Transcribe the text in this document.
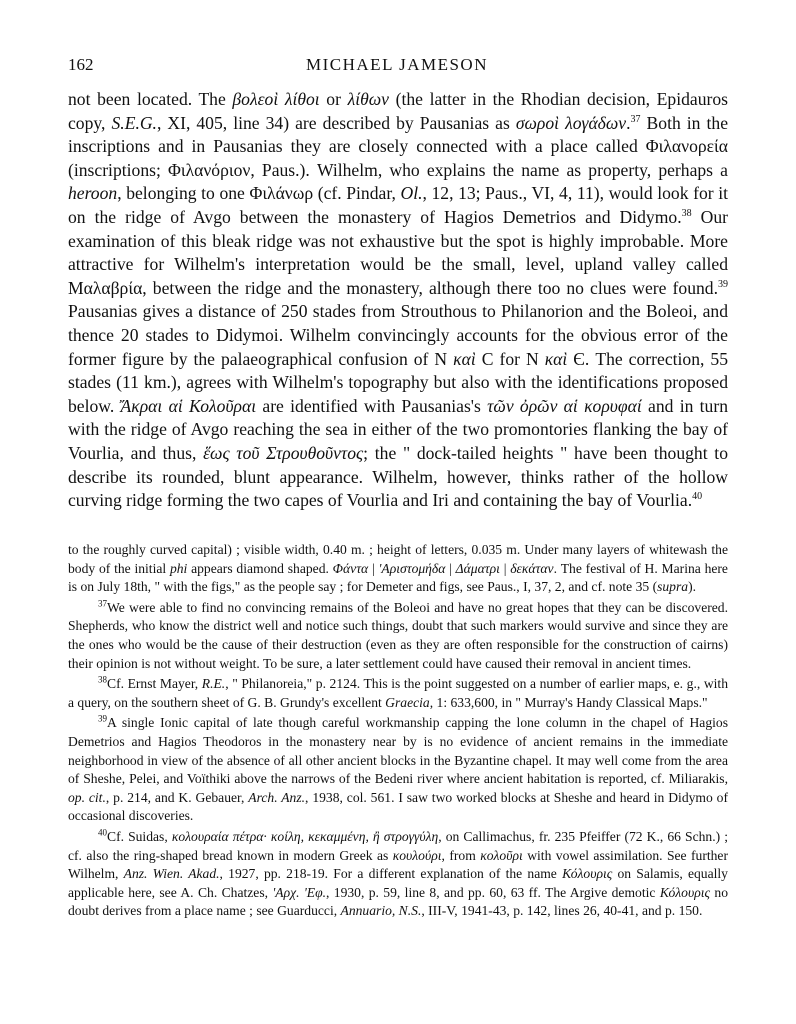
162	MICHAEL JAMESON

not been located. The βολεοὶ λίθοι or λίθων (the latter in the Rhodian decision, Epidauros copy, S.E.G., XI, 405, line 34) are described by Pausanias as σωροὶ λογάδων.$^{37}$ Both in the inscriptions and in Pausanias they are closely connected with a place called Φιλανορεία (inscriptions; Φιλανόριον, Paus.). Wilhelm, who explains the name as property, perhaps a heroon, belonging to one Φιλάνωρ (cf. Pindar, Ol., 12, 13; Paus., VI, 4, 11), would look for it on the ridge of Avgo between the monastery of Hagios Demetrios and Didymo.$^{38}$ Our examination of this bleak ridge was not exhaustive but the spot is highly improbable. More attractive for Wilhelm's interpretation would be the small, level, upland valley called Μαλαβρία, between the ridge and the monastery, although there too no clues were found.$^{39}$ Pausanias gives a distance of 250 stades from Strouthous to Philanorion and the Boleoi, and thence 20 stades to Didymoi. Wilhelm convincingly accounts for the obvious error of the former figure by the palaeographical confusion of Ν καὶ C for Ν καὶ Є. The correction, 55 stades (11 km.), agrees with Wilhelm's topography but also with the identifications proposed below. Ἄκραι αἱ Κολοῦραι are identified with Pausanias's τῶν ὀρῶν αἱ κορυφαί and in turn with the ridge of Avgo reaching the sea in either of the two promontories flanking the bay of Vourlia, and thus, ἕως τοῦ Στρουθοῦντος; the " dock-tailed heights " have been thought to describe its rounded, blunt appearance. Wilhelm, however, thinks rather of the hollow curving ridge forming the two capes of Vourlia and Iri and containing the bay of Vourlia.$^{40}$

to the roughly curved capital) ; visible width, 0.40 m. ; height of letters, 0.035 m. Under many layers of whitewash the body of the initial phi appears diamond shaped. Φάντα | 'Αριστομήδα | Δάματρι | δεκάταν. The festival of H. Marina here is on July 18th, " with the figs," as the people say ; for Demeter and figs, see Paus., I, 37, 2, and cf. note 35 (supra).

$^{37}$We were able to find no convincing remains of the Boleoi and have no great hopes that they can be discovered. Shepherds, who know the district well and notice such things, doubt that such markers would survive and since they are the ones who would be the cause of their destruction (even as they are often responsible for the construction of cairns) their opinion is not without weight. To be sure, a later settlement could have caused their removal in ancient times.

$^{38}$Cf. Ernst Mayer, R.E., " Philanoreia," p. 2124. This is the point suggested on a number of earlier maps, e. g., with a query, on the southern sheet of G. B. Grundy's excellent Graecia, 1: 633,600, in " Murray's Handy Classical Maps."

$^{39}$A single Ionic capital of late though careful workmanship capping the lone column in the chapel of Hagios Demetrios and Hagios Theodoros in the monastery near by is no evidence of ancient remains in the immediate neighborhood in view of the absence of all other ancient blocks in the Byzantine chapel. It may well come from the area of Sheshe, Pelei, and Voïthiki above the narrows of the Bedeni river where ancient habitation is reported, cf. Miliarakis, op. cit., p. 214, and K. Gebauer, Arch. Anz., 1938, col. 561. I saw two worked blocks at Sheshe and heard in Didymo of occasional discoveries.

$^{40}$Cf. Suidas, κολουραία πέτρα· κοίλη, κεκαμμένη, ἢ στρογγύλη, on Callimachus, fr. 235 Pfeiffer (72 K., 66 Schn.) ; cf. also the ring-shaped bread known in modern Greek as κουλούρι, from κολοῦρι with vowel assimilation. See further Wilhelm, Anz. Wien. Akad., 1927, pp. 218-19. For a different explanation of the name Κόλουρις on Salamis, equally applicable here, see A. Ch. Chatzes, 'Αρχ. 'Εφ., 1930, p. 59, line 8, and pp. 60, 63 ff. The Argive demotic Κόλουρις no doubt derives from a place name ; see Guarducci, Annuario, N.S., III-V, 1941-43, p. 142, lines 26, 40-41, and p. 150.
